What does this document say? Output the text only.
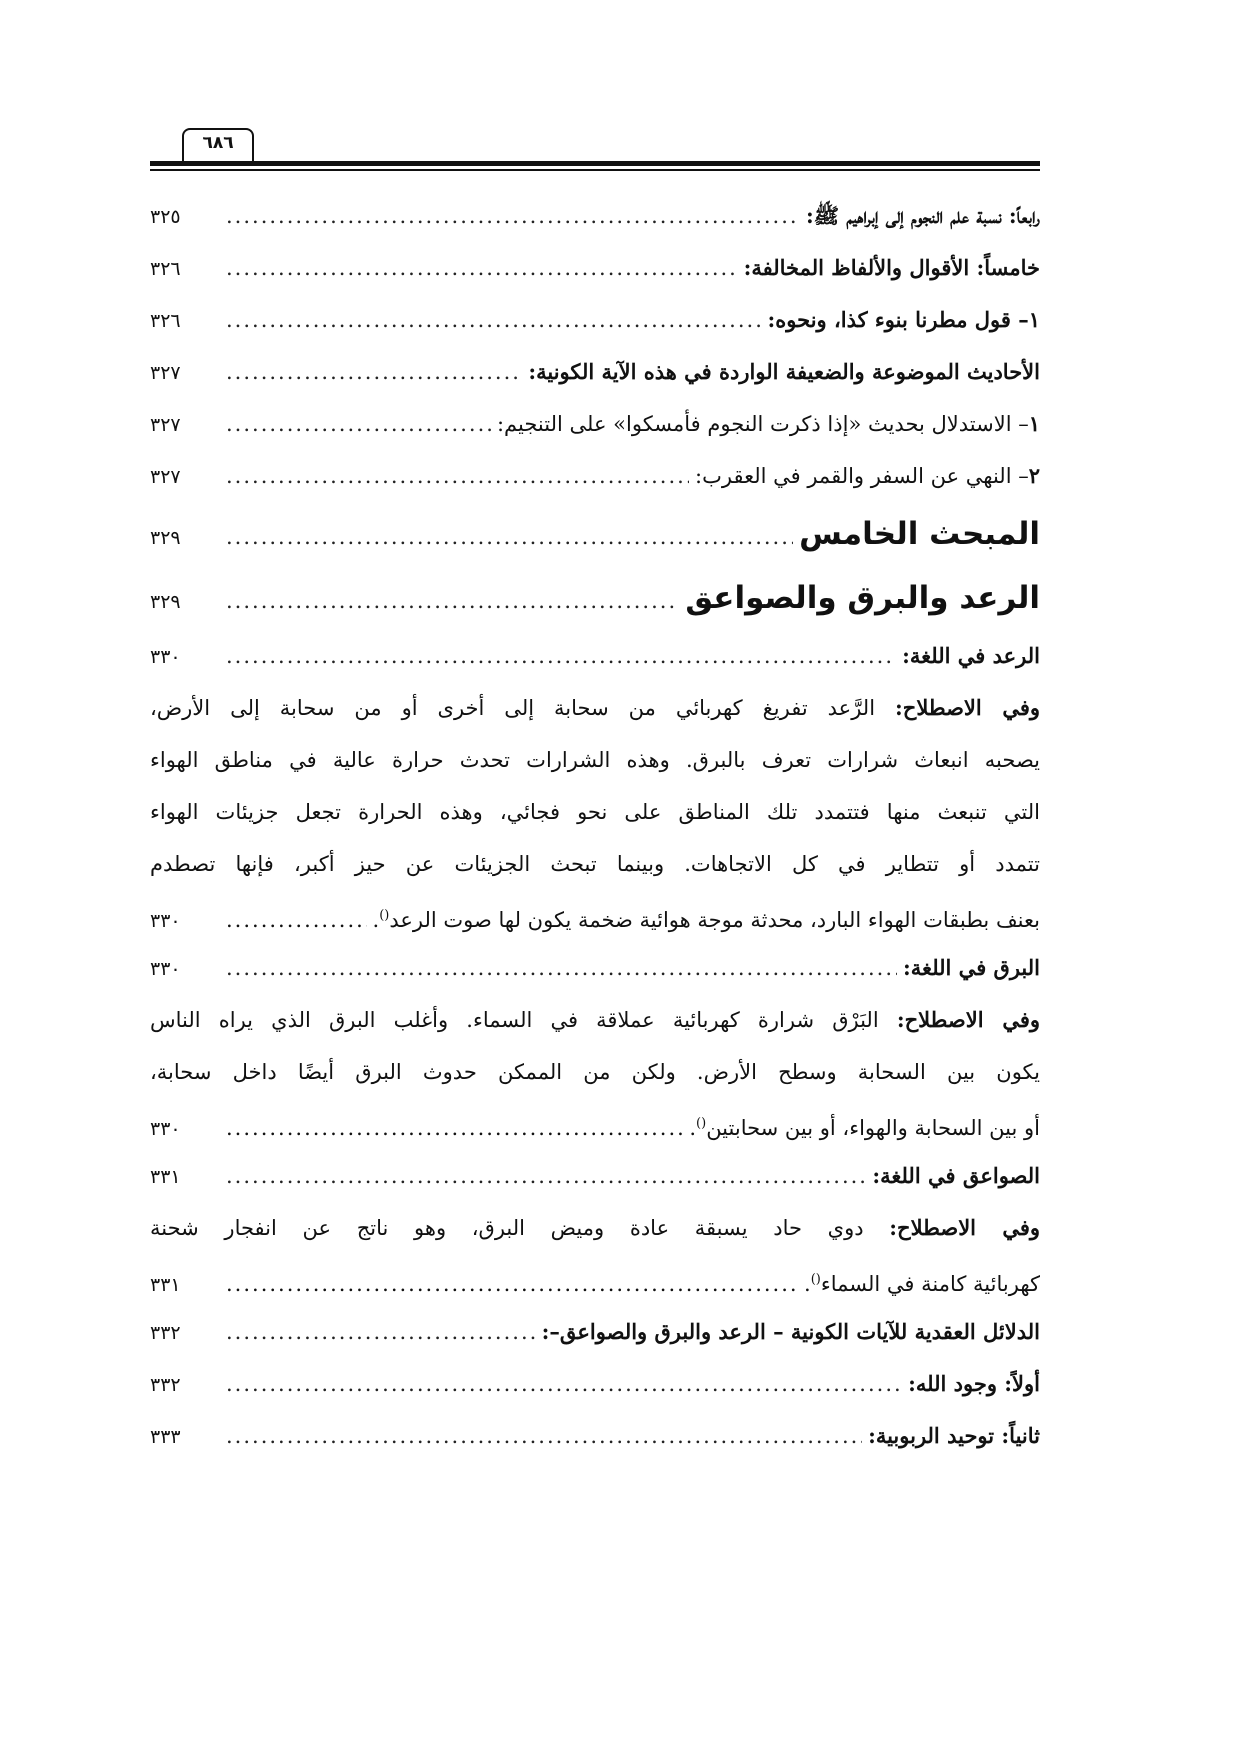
٦٨٦
رابعاً: نسبة علم النجوم إلى إبراهيم ﷺ:
.....
٣٢٥
خامساً: الأقوال والألفاظ المخالفة:
.....
٣٢٦
١– قول مطرنا بنوء كذا، ونحوه:
.....
٣٢٦
الأحاديث الموضوعة والضعيفة الواردة في هذه الآية الكونية:
.....
٣٢٧
١– الاستدلال بحديث «إذا ذكرت النجوم فأمسكوا» على التنجيم:
.....
٣٢٧
٢– النهي عن السفر والقمر في العقرب:
.....
٣٢٧
المبحث الخامس
.....
٣٢٩
الرعد والبرق والصواعق
.....
٣٢٩
الرعد في اللغة:
.....
٣٣٠
وفي الاصطلاح: الرَّعد تفريغ كهربائي من سحابة إلى أخرى أو من سحابة إلى الأرض،
يصحبه انبعاث شرارات تعرف بالبرق. وهذه الشرارات تحدث حرارة عالية في مناطق الهواء
التي تنبعث منها فتتمدد تلك المناطق على نحو فجائي، وهذه الحرارة تجعل جزيئات الهواء
تتمدد أو تتطاير في كل الاتجاهات. وبينما تبحث الجزيئات عن حيز أكبر، فإنها تصطدم
بعنف بطبقات الهواء البارد، محدثة موجة هوائية ضخمة يكون لها صوت الرعد().
.....
٣٣٠
البرق في اللغة:
.....
٣٣٠
وفي الاصطلاح: البَرْق شرارة كهربائية عملاقة في السماء. وأغلب البرق الذي يراه الناس
يكون بين السحابة وسطح الأرض. ولكن من الممكن حدوث البرق أيضًا داخل سحابة،
أو بين السحابة والهواء، أو بين سحابتين().
.....
٣٣٠
الصواعق في اللغة:
.....
٣٣١
وفي الاصطلاح: دوي حاد يسبقة عادة وميض البرق، وهو ناتج عن انفجار شحنة
كهربائية كامنة في السماء().
.....
٣٣١
الدلائل العقدية للآيات الكونية – الرعد والبرق والصواعق–:
.....
٣٣٢
أولاً: وجود الله:
.....
٣٣٢
ثانياً: توحيد الربوبية:
.....
٣٣٣
